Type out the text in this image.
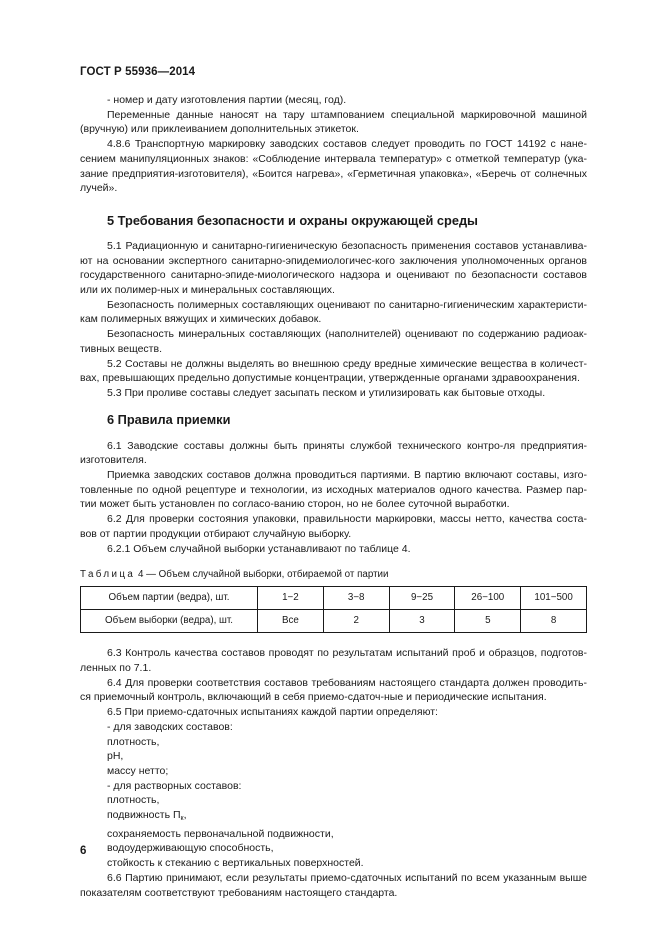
ГОСТ Р 55936—2014

- номер и дату изготовления партии (месяц, год).

Переменные данные наносят на тару штампованием специальной маркировочной машиной (вручную) или приклеиванием дополнительных этикеток.

4.8.6 Транспортную маркировку заводских составов следует проводить по ГОСТ 14192 с нане-сением манипуляционных знаков: «Соблюдение интервала температур» с отметкой температур (ука-зание предприятия-изготовителя), «Боится нагрева», «Герметичная упаковка», «Беречь от солнечных лучей».

5 Требования безопасности и охраны окружающей среды

5.1 Радиационную и санитарно-гигиеническую безопасность применения составов устанавлива-ют на основании экспертного санитарно-эпидемиологичес-кого заключения уполномоченных органов государственного санитарно-эпиде-миологического надзора и оценивают по безопасности составов или их полимер-ных и минеральных составляющих.

Безопасность полимерных составляющих оценивают по санитарно-гигиеническим характеристи-кам полимерных вяжущих и химических добавок.

Безопасность минеральных составляющих (наполнителей) оценивают по содержанию радиоак-тивных веществ.

5.2 Составы не должны выделять во внешнюю среду вредные химические вещества в количест-вах, превышающих предельно допустимые концентрации, утвержденные органами здравоохранения.

5.3 При проливе составы следует засыпать песком и утилизировать как бытовые отходы.

6 Правила приемки

6.1 Заводские составы должны быть приняты службой технического контро-ля предприятия-изготовителя.

Приемка заводских составов должна проводиться партиями. В партию включают составы, изго-товленные по одной рецептуре и технологии, из исходных материалов одного качества. Размер пар-тии может быть установлен по согласо-ванию сторон, но не более суточной выработки.

6.2 Для проверки состояния упаковки, правильности маркировки, массы нетто, качества соста-вов от партии продукции отбирают случайную выборку.

6.2.1 Объем случайной выборки устанавливают по таблице 4.

Таблица 4 — Объем случайной выборки, отбираемой от партии

Объем партии (ведра), шт.	1−2	3−8	9−25	26−100	101−500
Объем выборки (ведра), шт.	Все	2	3	5	8

6.3 Контроль качества составов проводят по результатам испытаний проб и образцов, подготов-ленных по 7.1.

6.4 Для проверки соответствия составов требованиям настоящего стандарта должен проводить-ся приемочный контроль, включающий в себя приемо-сдаточ-ные и периодические испытания.

6.5 При приемо-сдаточных испытаниях каждой партии определяют:

- для заводских составов:

плотность,

pH,

массу нетто;

- для растворных составов:

плотность,

подвижность $П_к$,

сохраняемость первоначальной подвижности,

водоудерживающую способность,

стойкость к стеканию с вертикальных поверхностей.

6.6 Партию принимают, если результаты приемо-сдаточных испытаний по всем указанным выше показателям соответствуют требованиям настоящего стандарта.

6
